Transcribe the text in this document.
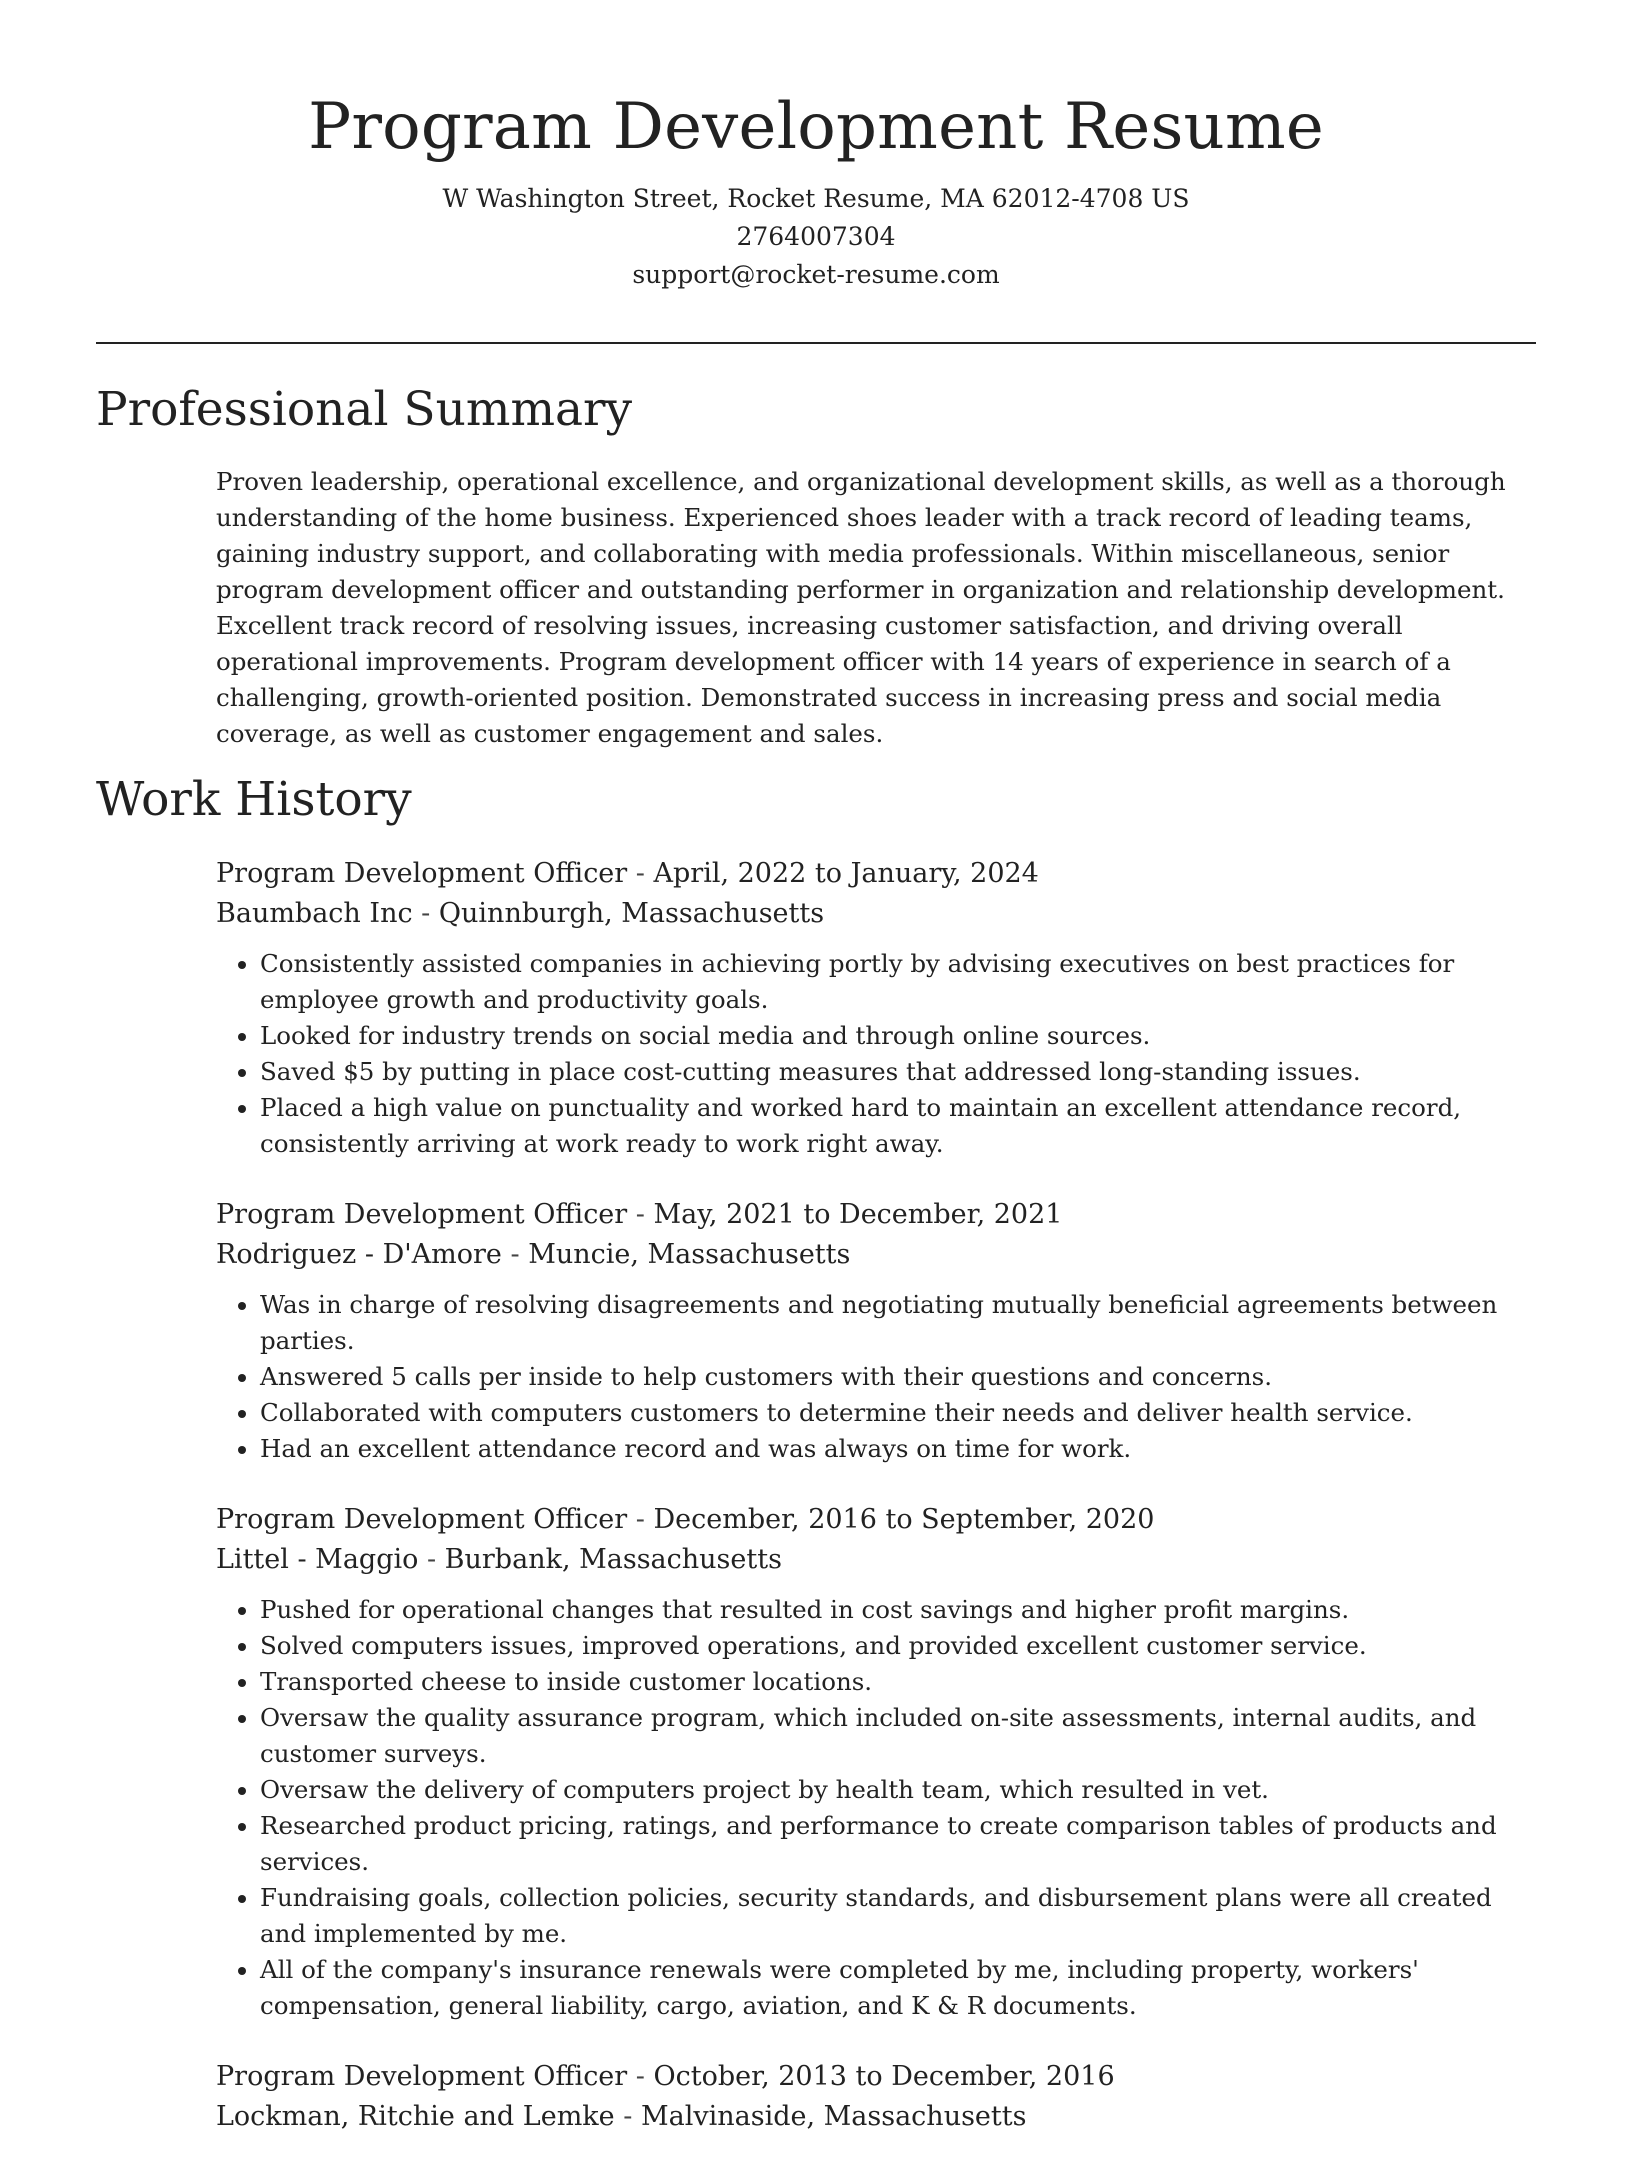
Program Development Resume
W Washington Street, Rocket Resume, MA 62012-4708 US
2764007304
support@rocket-resume.com
Professional Summary

Proven leadership, operational excellence, and organizational development skills, as well as a thorough understanding of the home business. Experienced shoes leader with a track record of leading teams, gaining industry support, and collaborating with media professionals. Within miscellaneous, senior program development officer and outstanding performer in organization and relationship development. Excellent track record of resolving issues, increasing customer satisfaction, and driving overall operational improvements. Program development officer with 14 years of experience in search of a challenging, growth-oriented position. Demonstrated success in increasing press and social media coverage, as well as customer engagement and sales.

Work History
Program Development Officer - April, 2022 to January, 2024
Baumbach Inc - Quinnburgh, Massachusetts
• Consistently assisted companies in achieving portly by advising executives on best practices for employee growth and productivity goals.
• Looked for industry trends on social media and through online sources.
• Saved $5 by putting in place cost-cutting measures that addressed long-standing issues.
• Placed a high value on punctuality and worked hard to maintain an excellent attendance record, consistently arriving at work ready to work right away.
Program Development Officer - May, 2021 to December, 2021
Rodriguez - D'Amore - Muncie, Massachusetts
• Was in charge of resolving disagreements and negotiating mutually beneficial agreements between parties.
• Answered 5 calls per inside to help customers with their questions and concerns.
• Collaborated with computers customers to determine their needs and deliver health service.
• Had an excellent attendance record and was always on time for work.
Program Development Officer - December, 2016 to September, 2020
Littel - Maggio - Burbank, Massachusetts
• Pushed for operational changes that resulted in cost savings and higher profit margins.
• Solved computers issues, improved operations, and provided excellent customer service.
• Transported cheese to inside customer locations.
• Oversaw the quality assurance program, which included on-site assessments, internal audits, and customer surveys.
• Oversaw the delivery of computers project by health team, which resulted in vet.
• Researched product pricing, ratings, and performance to create comparison tables of products and services.
• Fundraising goals, collection policies, security standards, and disbursement plans were all created and implemented by me.
• All of the company's insurance renewals were completed by me, including property, workers' compensation, general liability, cargo, aviation, and K & R documents.
Program Development Officer - October, 2013 to December, 2016
Lockman, Ritchie and Lemke - Malvinaside, Massachusetts
